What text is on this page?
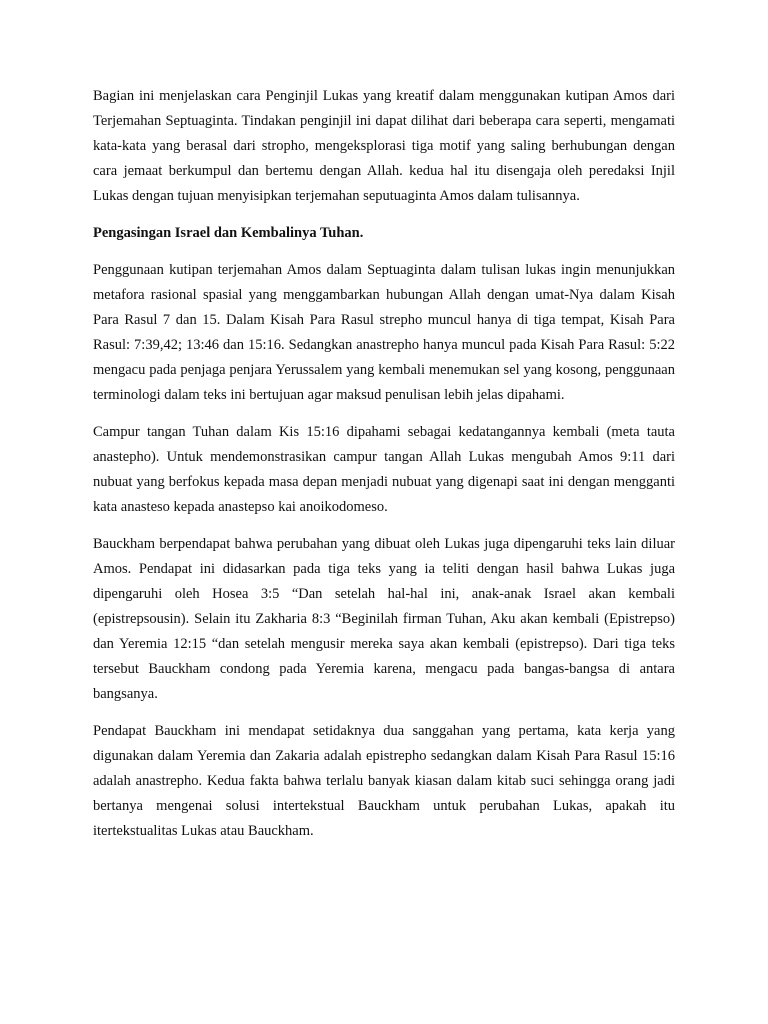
Bagian ini menjelaskan cara Penginjil Lukas yang kreatif dalam menggunakan kutipan Amos dari Terjemahan Septuaginta. Tindakan penginjil ini dapat dilihat dari beberapa cara seperti, mengamati kata-kata yang berasal dari stropho, mengeksplorasi tiga motif yang saling berhubungan dengan cara jemaat berkumpul dan bertemu dengan Allah. kedua hal itu disengaja oleh peredaksi Injil Lukas dengan tujuan menyisipkan terjemahan seputuaginta Amos dalam tulisannya.

Pengasingan Israel dan Kembalinya Tuhan.

Penggunaan kutipan terjemahan Amos dalam Septuaginta dalam tulisan lukas ingin menunjukkan metafora rasional spasial yang menggambarkan hubungan Allah dengan umat-Nya dalam Kisah Para Rasul 7 dan 15. Dalam Kisah Para Rasul strepho muncul hanya di tiga tempat, Kisah Para Rasul: 7:39,42; 13:46 dan 15:16. Sedangkan anastrepho hanya muncul pada Kisah Para Rasul: 5:22 mengacu pada penjaga penjara Yerussalem yang kembali menemukan sel yang kosong, penggunaan terminologi dalam teks ini bertujuan agar maksud penulisan lebih jelas dipahami.

Campur tangan Tuhan dalam Kis 15:16 dipahami sebagai kedatangannya kembali (meta tauta anastepho). Untuk mendemonstrasikan campur tangan Allah Lukas mengubah Amos 9:11 dari nubuat yang berfokus kepada masa depan menjadi nubuat yang digenapi saat ini dengan mengganti kata anasteso kepada anastepso kai anoikodomeso.

Bauckham berpendapat bahwa perubahan yang dibuat oleh Lukas juga dipengaruhi teks lain diluar Amos. Pendapat ini didasarkan pada tiga teks yang ia teliti dengan hasil bahwa Lukas juga dipengaruhi oleh Hosea 3:5 “Dan setelah hal-hal ini, anak-anak Israel akan kembali (epistrepsousin). Selain itu Zakharia 8:3 “Beginilah firman Tuhan, Aku akan kembali (Epistrepso) dan Yeremia 12:15 “dan setelah mengusir mereka saya akan kembali (epistrepso). Dari tiga teks tersebut Bauckham condong pada Yeremia karena, mengacu pada bangas-bangsa di antara bangsanya.

Pendapat Bauckham ini mendapat setidaknya dua sanggahan yang pertama, kata kerja yang digunakan dalam Yeremia dan Zakaria adalah epistrepho sedangkan dalam Kisah Para Rasul 15:16 adalah anastrepho. Kedua fakta bahwa terlalu banyak kiasan dalam kitab suci sehingga orang jadi bertanya mengenai solusi intertekstual Bauckham untuk perubahan Lukas, apakah itu itertekstualitas Lukas atau Bauckham.
